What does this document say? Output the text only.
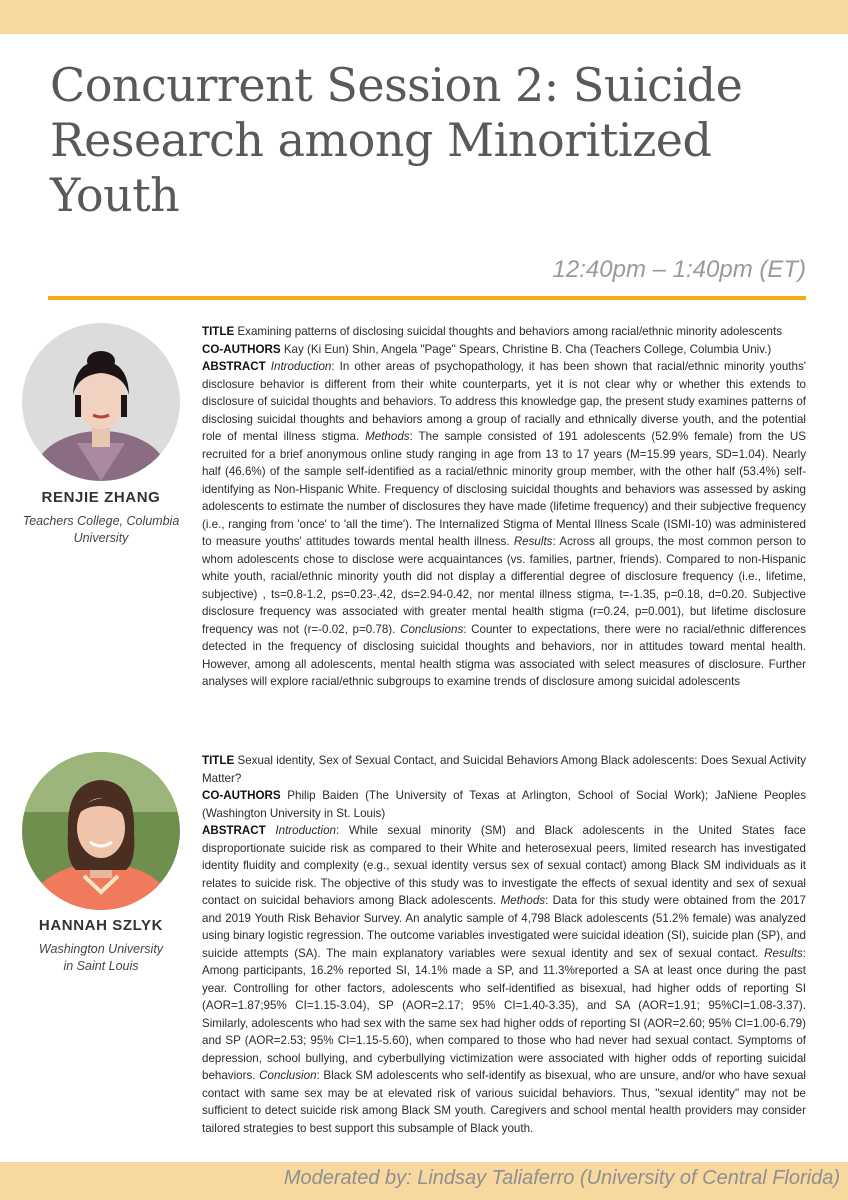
Concurrent Session 2: Suicide
Research among Minoritized
Youth
12:40pm – 1:40pm (ET)
RENJIE ZHANG
Teachers College, Columbia
University

TITLE Examining patterns of disclosing suicidal thoughts and behaviors among racial/ethnic minority adolescents

CO-AUTHORS Kay (Ki Eun) Shin, Angela "Page" Spears, Christine B. Cha (Teachers College, Columbia Univ.)

ABSTRACT Introduction: In other areas of psychopathology, it has been shown that racial/ethnic minority youths' disclosure behavior is different from their white counterparts, yet it is not clear why or whether this extends to disclosure of suicidal thoughts and behaviors. To address this knowledge gap, the present study examines patterns of disclosing suicidal thoughts and behaviors among a group of racially and ethnically diverse youth, and the potential role of mental illness stigma. Methods: The sample consisted of 191 adolescents (52.9% female) from the US recruited for a brief anonymous online study ranging in age from 13 to 17 years (M=15.99 years, SD=1.04). Nearly half (46.6%) of the sample self-identified as a racial/ethnic minority group member, with the other half (53.4%) self-identifying as Non-Hispanic White. Frequency of disclosing suicidal thoughts and behaviors was assessed by asking adolescents to estimate the number of disclosures they have made (lifetime frequency) and their subjective frequency (i.e., ranging from 'once' to 'all the time'). The Internalized Stigma of Mental Illness Scale (ISMI-10) was administered to measure youths' attitudes towards mental health illness. Results: Across all groups, the most common person to whom adolescents chose to disclose were acquaintances (vs. families, partner, friends). Compared to non-Hispanic white youth, racial/ethnic minority youth did not display a differential degree of disclosure frequency (i.e., lifetime, subjective) , ts=0.8-1.2, ps=0.23-.42, ds=2.94-0.42, nor mental illness stigma, t=-1.35, p=0.18, d=0.20. Subjective disclosure frequency was associated with greater mental health stigma (r=0.24, p=0.001), but lifetime disclosure frequency was not (r=-0.02, p=0.78). Conclusions: Counter to expectations, there were no racial/ethnic differences detected in the frequency of disclosing suicidal thoughts and behaviors, nor in attitudes toward mental health. However, among all adolescents, mental health stigma was associated with select measures of disclosure. Further analyses will explore racial/ethnic subgroups to examine trends of disclosure among suicidal adolescents

HANNAH SZLYK
Washington University
in Saint Louis

TITLE Sexual identity, Sex of Sexual Contact, and Suicidal Behaviors Among Black adolescents: Does Sexual Activity Matter?

CO-AUTHORS Philip Baiden (The University of Texas at Arlington, School of Social Work); JaNiene Peoples (Washington University in St. Louis)

ABSTRACT Introduction: While sexual minority (SM) and Black adolescents in the United States face disproportionate suicide risk as compared to their White and heterosexual peers, limited research has investigated identity fluidity and complexity (e.g., sexual identity versus sex of sexual contact) among Black SM individuals as it relates to suicide risk. The objective of this study was to investigate the effects of sexual identity and sex of sexual contact on suicidal behaviors among Black adolescents. Methods: Data for this study were obtained from the 2017 and 2019 Youth Risk Behavior Survey. An analytic sample of 4,798 Black adolescents (51.2% female) was analyzed using binary logistic regression. The outcome variables investigated were suicidal ideation (SI), suicide plan (SP), and suicide attempts (SA). The main explanatory variables were sexual identity and sex of sexual contact. Results: Among participants, 16.2% reported SI, 14.1% made a SP, and 11.3%reported a SA at least once during the past year. Controlling for other factors, adolescents who self-identified as bisexual, had higher odds of reporting SI (AOR=1.87;95% CI=1.15-3.04), SP (AOR=2.17; 95% CI=1.40-3.35), and SA (AOR=1.91; 95%CI=1.08-3.37). Similarly, adolescents who had sex with the same sex had higher odds of reporting SI (AOR=2.60; 95% CI=1.00-6.79) and SP (AOR=2.53; 95% CI=1.15-5.60), when compared to those who had never had sexual contact. Symptoms of depression, school bullying, and cyberbullying victimization were associated with higher odds of reporting suicidal behaviors. Conclusion: Black SM adolescents who self-identify as bisexual, who are unsure, and/or who have sexual contact with same sex may be at elevated risk of various suicidal behaviors. Thus, "sexual identity" may not be sufficient to detect suicide risk among Black SM youth. Caregivers and school mental health providers may consider tailored strategies to best support this subsample of Black youth.

Moderated by: Lindsay Taliaferro (University of Central Florida)
